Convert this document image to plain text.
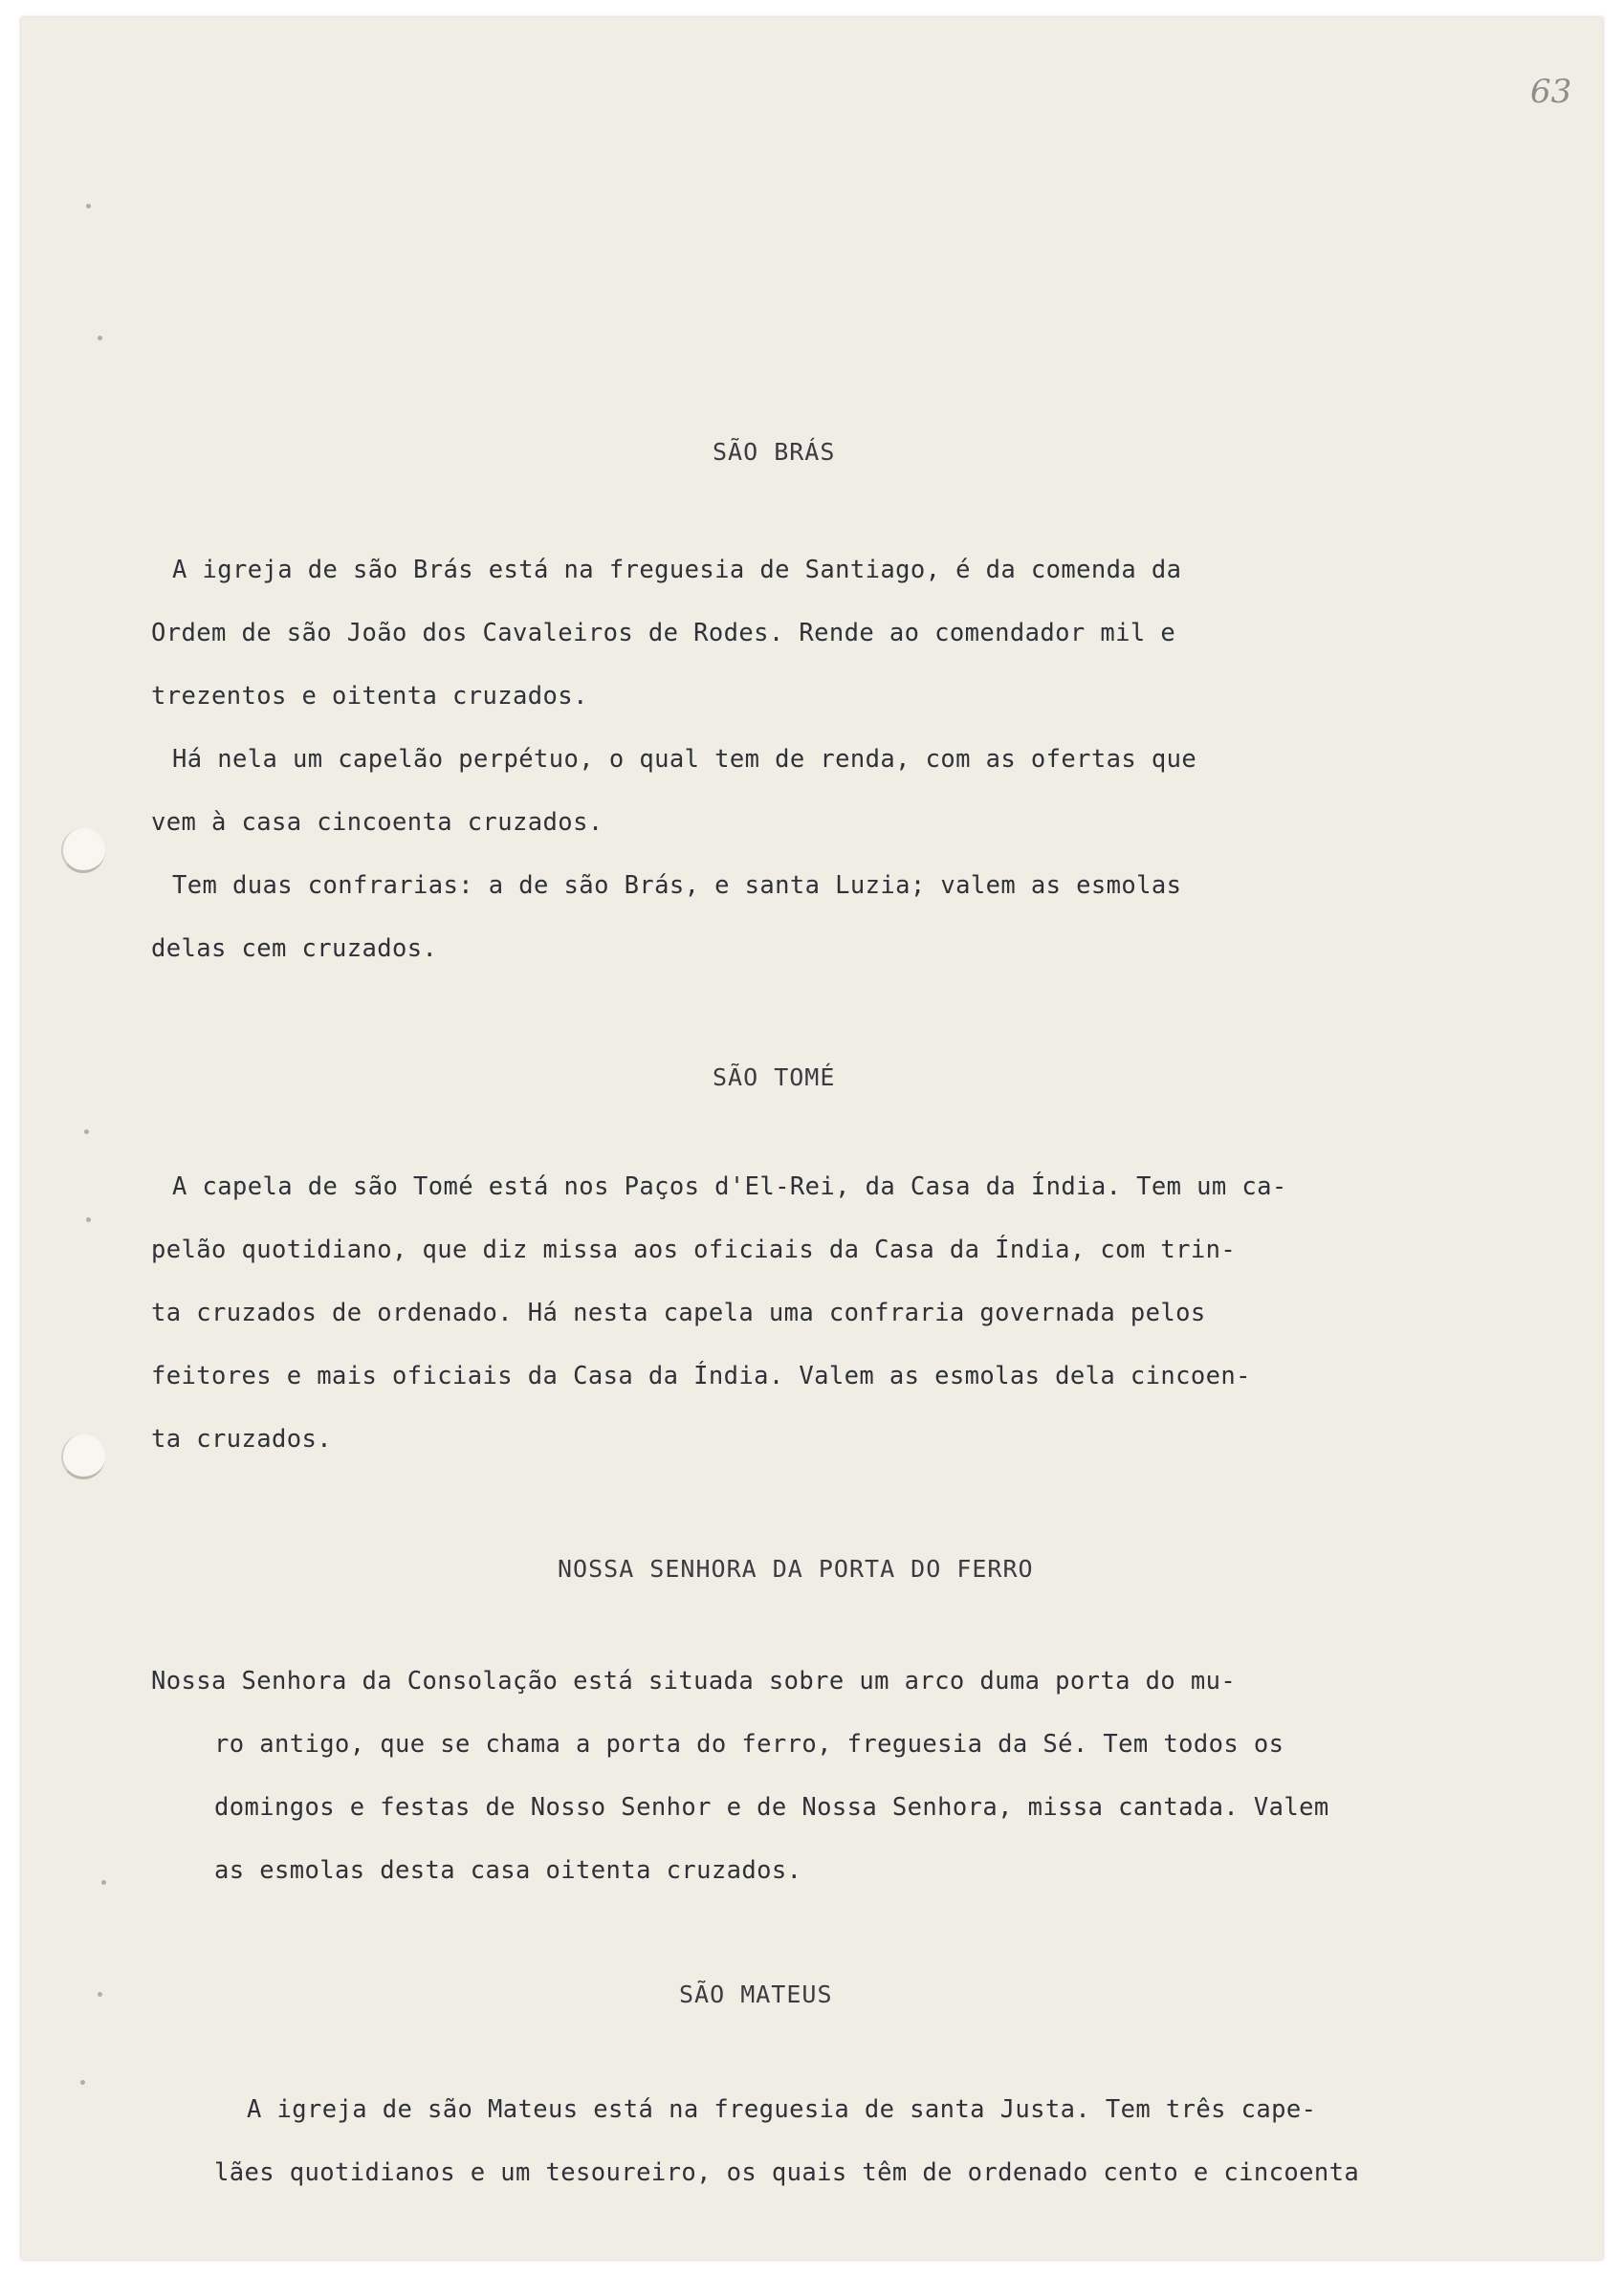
63
SÃO BRÁS
A igreja de são Brás está na freguesia de Santiago, é da comenda da
Ordem de são João dos Cavaleiros de Rodes. Rende ao comendador mil e
trezentos e oitenta cruzados.
Há nela um capelão perpétuo, o qual tem de renda, com as ofertas que
vem à casa cincoenta cruzados.
Tem duas confrarias: a de são Brás, e santa Luzia; valem as esmolas
delas cem cruzados.
SÃO TOMÉ
A capela de são Tomé está nos Paços d'El-Rei, da Casa da Índia. Tem um ca-
pelão quotidiano, que diz missa aos oficiais da Casa da Índia, com trin-
ta cruzados de ordenado. Há nesta capela uma confraria governada pelos
feitores e mais oficiais da Casa da Índia. Valem as esmolas dela cincoen-
ta cruzados.
NOSSA SENHORA DA PORTA DO FERRO
Nossa Senhora da Consolação está situada sobre um arco duma porta do mu-
ro antigo, que se chama a porta do ferro, freguesia da Sé. Tem todos os
domingos e festas de Nosso Senhor e de Nossa Senhora, missa cantada. Valem
as esmolas desta casa oitenta cruzados.
SÃO MATEUS
A igreja de são Mateus está na freguesia de santa Justa. Tem três cape-
lães quotidianos e um tesoureiro, os quais têm de ordenado cento e cincoenta
